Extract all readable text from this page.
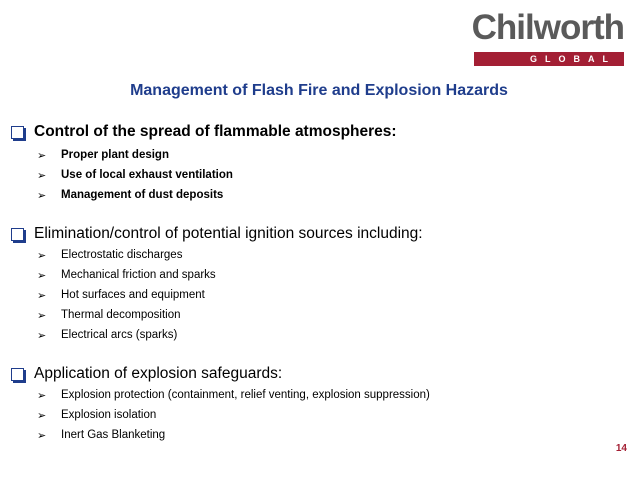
Chilworth
GLOBAL
Management of Flash Fire and Explosion Hazards
Control of the spread of flammable atmospheres:
➢	Proper plant design
➢	Use of local exhaust ventilation
➢	Management of dust deposits
Elimination/control of potential ignition sources including:
➢	Electrostatic discharges
➢	Mechanical friction and sparks
➢	Hot surfaces and equipment
➢	Thermal decomposition
➢	Electrical arcs (sparks)
Application of explosion safeguards:
➢	Explosion protection (containment, relief venting, explosion suppression)
➢	Explosion isolation
➢	Inert Gas Blanketing
14
